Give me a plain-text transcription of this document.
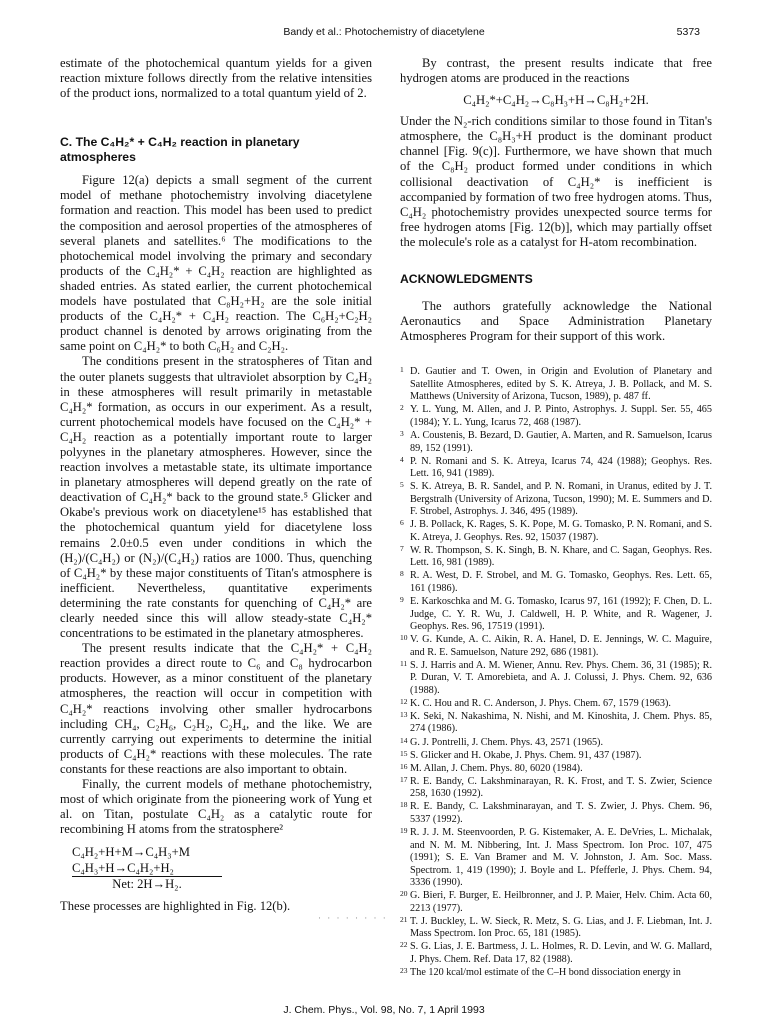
Bandy et al.: Photochemistry of diacetylene	5373

estimate of the photochemical quantum yields for a given reaction mixture follows directly from the relative intensities of the product ions, normalized to a total quantum yield of 2.

C. The C₄H₂* + C₄H₂ reaction in planetary atmospheres

Figure 12(a) depicts a small segment of the current model of methane photochemistry involving diacetylene formation and reaction. This model has been used to predict the composition and aerosol properties of the atmospheres of several planets and satellites.⁶ The modifications to the photochemical model involving the primary and secondary products of the C₄H₂* + C₄H₂ reaction are highlighted as shaded entries. As stated earlier, the current photochemical models have postulated that C₈H₂+H₂ are the sole initial products of the C₄H₂* + C₄H₂ reaction. The C₆H₂+C₂H₂ product channel is denoted by arrows originating from the same point on C₄H₂* to both C₆H₂ and C₂H₂.

The conditions present in the stratospheres of Titan and the outer planets suggests that ultraviolet absorption by C₄H₂ in these atmospheres will result primarily in metastable C₄H₂* formation, as occurs in our experiment. As a result, current photochemical models have focused on the C₄H₂* + C₄H₂ reaction as a potentially important route to larger polyynes in the planetary atmospheres. However, since the reaction involves a metastable state, its ultimate importance in planetary atmospheres will depend greatly on the rate of deactivation of C₄H₂* back to the ground state.⁵ Glicker and Okabe's previous work on diacetylene¹⁵ has established that the photochemical quantum yield for diacetylene loss remains 2.0±0.5 even under conditions in which the (H₂)/(C₄H₂) or (N₂)/(C₄H₂) ratios are 1000. Thus, quenching of C₄H₂* by these major constituents of Titan's atmosphere is inefficient. Nevertheless, quantitative experiments determining the rate constants for quenching of C₄H₂* are clearly needed since this will allow steady-state C₄H₂* concentrations to be estimated in the planetary atmospheres.

The present results indicate that the C₄H₂* + C₄H₂ reaction provides a direct route to C₆ and C₈ hydrocarbon products. However, as a minor constituent of the planetary atmospheres, the reaction will occur in competition with C₄H₂* reactions involving other smaller hydrocarbons including CH₄, C₂H₆, C₂H₂, C₂H₄, and the like. We are currently carrying out experiments to determine the initial products of C₄H₂* reactions with these molecules. The rate constants for these reactions are also important to obtain.

Finally, the current models of methane photochemistry, most of which originate from the pioneering work of Yung et al. on Titan, postulate C₄H₂ as a catalytic route for recombining H atoms from the stratosphere²

C₄H₂+H+M→C₄H₃+M
C₄H₃+H→C₄H₂+H₂
Net: 2H→H₂.

These processes are highlighted in Fig. 12(b).

By contrast, the present results indicate that free hydrogen atoms are produced in the reactions

C₄H₂*+C₄H₂→C₈H₃+H→C₈H₂+2H.

Under the N₂-rich conditions similar to those found in Titan's atmosphere, the C₈H₃+H product is the dominant product channel [Fig. 9(c)]. Furthermore, we have shown that much of the C₈H₂ product formed under conditions in which collisional deactivation of C₄H₂* is inefficient is accompanied by formation of two free hydrogen atoms. Thus, C₄H₂ photochemistry provides unexpected source terms for free hydrogen atoms [Fig. 12(b)], which may partially offset the molecule's role as a catalyst for H-atom recombination.

ACKNOWLEDGMENTS

The authors gratefully acknowledge the National Aeronautics and Space Administration Planetary Atmospheres Program for their support of this work.

1 D. Gautier and T. Owen, in Origin and Evolution of Planetary and Satellite Atmospheres, edited by S. K. Atreya, J. B. Pollack, and M. S. Matthews (University of Arizona, Tucson, 1989), p. 487 ff.

2 Y. L. Yung, M. Allen, and J. P. Pinto, Astrophys. J. Suppl. Ser. 55, 465 (1984); Y. L. Yung, Icarus 72, 468 (1987).

3 A. Coustenis, B. Bezard, D. Gautier, A. Marten, and R. Samuelson, Icarus 89, 152 (1991).

4 P. N. Romani and S. K. Atreya, Icarus 74, 424 (1988); Geophys. Res. Lett. 16, 941 (1989).

5 S. K. Atreya, B. R. Sandel, and P. N. Romani, in Uranus, edited by J. T. Bergstralh (University of Arizona, Tucson, 1990); M. E. Summers and D. F. Strobel, Astrophys. J. 346, 495 (1989).

6 J. B. Pollack, K. Rages, S. K. Pope, M. G. Tomasko, P. N. Romani, and S. K. Atreya, J. Geophys. Res. 92, 15037 (1987).

7 W. R. Thompson, S. K. Singh, B. N. Khare, and C. Sagan, Geophys. Res. Lett. 16, 981 (1989).

8 R. A. West, D. F. Strobel, and M. G. Tomasko, Geophys. Res. Lett. 65, 161 (1986).

9 E. Karkoschka and M. G. Tomasko, Icarus 97, 161 (1992); F. Chen, D. L. Judge, C. Y. R. Wu, J. Caldwell, H. P. White, and R. Wagener, J. Geophys. Res. 96, 17519 (1991).

10 V. G. Kunde, A. C. Aikin, R. A. Hanel, D. E. Jennings, W. C. Maguire, and R. E. Samuelson, Nature 292, 686 (1981).

11 S. J. Harris and A. M. Wiener, Annu. Rev. Phys. Chem. 36, 31 (1985); R. P. Duran, V. T. Amorebieta, and A. J. Colussi, J. Phys. Chem. 92, 636 (1988).

12 K. C. Hou and R. C. Anderson, J. Phys. Chem. 67, 1579 (1963).

13 K. Seki, N. Nakashima, N. Nishi, and M. Kinoshita, J. Chem. Phys. 85, 274 (1986).

14 G. J. Pontrelli, J. Chem. Phys. 43, 2571 (1965).

15 S. Glicker and H. Okabe, J. Phys. Chem. 91, 437 (1987).

16 M. Allan, J. Chem. Phys. 80, 6020 (1984).

17 R. E. Bandy, C. Lakshminarayan, R. K. Frost, and T. S. Zwier, Science 258, 1630 (1992).

18 R. E. Bandy, C. Lakshminarayan, and T. S. Zwier, J. Phys. Chem. 96, 5337 (1992).

19 R. J. J. M. Steenvoorden, P. G. Kistemaker, A. E. DeVries, L. Michalak, and N. M. M. Nibbering, Int. J. Mass Spectrom. Ion Proc. 107, 475 (1991); S. E. Van Bramer and M. V. Johnston, J. Am. Soc. Mass. Spectrom. 1, 419 (1990); J. Boyle and L. Pfefferle, J. Phys. Chem. 94, 3336 (1990).

20 G. Bieri, F. Burger, E. Heilbronner, and J. P. Maier, Helv. Chim. Acta 60, 2213 (1977).

21 T. J. Buckley, L. W. Sieck, R. Metz, S. G. Lias, and J. F. Liebman, Int. J. Mass Spectrom. Ion Proc. 65, 181 (1985).

22 S. G. Lias, J. E. Bartmess, J. L. Holmes, R. D. Levin, and W. G. Mallard, J. Phys. Chem. Ref. Data 17, 82 (1988).

23 The 120 kcal/mol estimate of the C–H bond dissociation energy in

· · · · · · · ·
J. Chem. Phys., Vol. 98, No. 7, 1 April 1993
